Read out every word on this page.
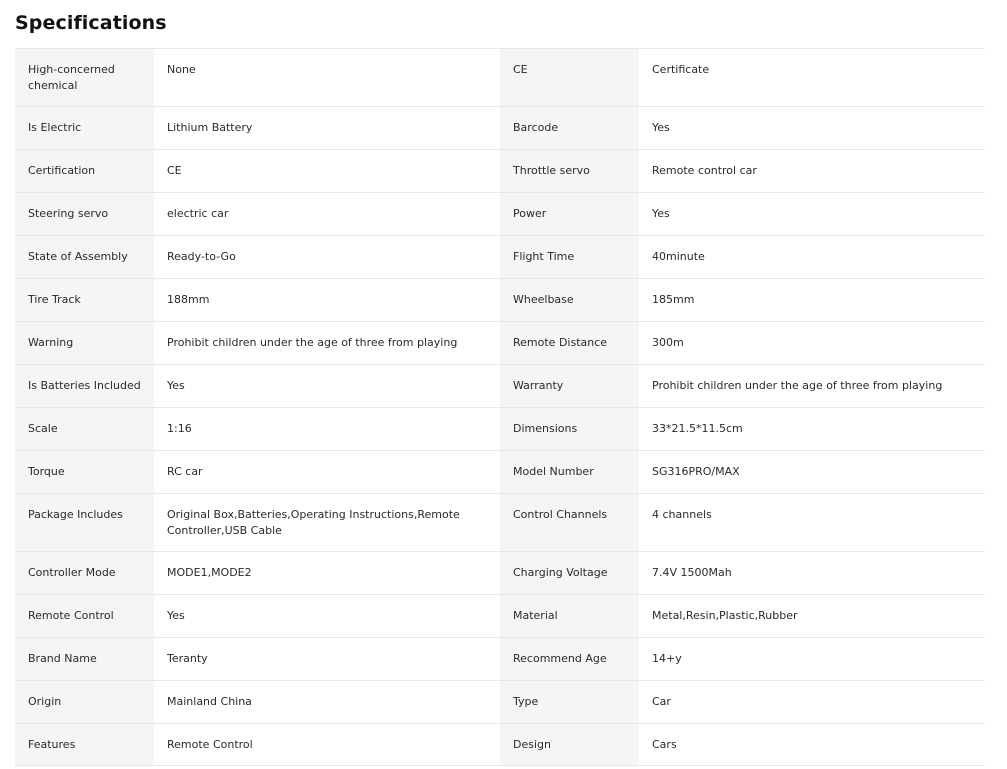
Specifications
High-concerned chemical	None	CE	Certificate
Is Electric	Lithium Battery	Barcode	Yes
Certification	CE	Throttle servo	Remote control car
Steering servo	electric car	Power	Yes
State of Assembly	Ready-to-Go	Flight Time	40minute
Tire Track	188mm	Wheelbase	185mm
Warning	Prohibit children under the age of three from playing	Remote Distance	300m
Is Batteries Included	Yes	Warranty	Prohibit children under the age of three from playing
Scale	1:16	Dimensions	33*21.5*11.5cm
Torque	RC car	Model Number	SG316PRO/MAX
Package Includes	Original Box,Batteries,Operating Instructions,Remote Controller,USB Cable	Control Channels	4 channels
Controller Mode	MODE1,MODE2	Charging Voltage	7.4V 1500Mah
Remote Control	Yes	Material	Metal,Resin,Plastic,Rubber
Brand Name	Teranty	Recommend Age	14+y
Origin	Mainland China	Type	Car
Features	Remote Control	Design	Cars
